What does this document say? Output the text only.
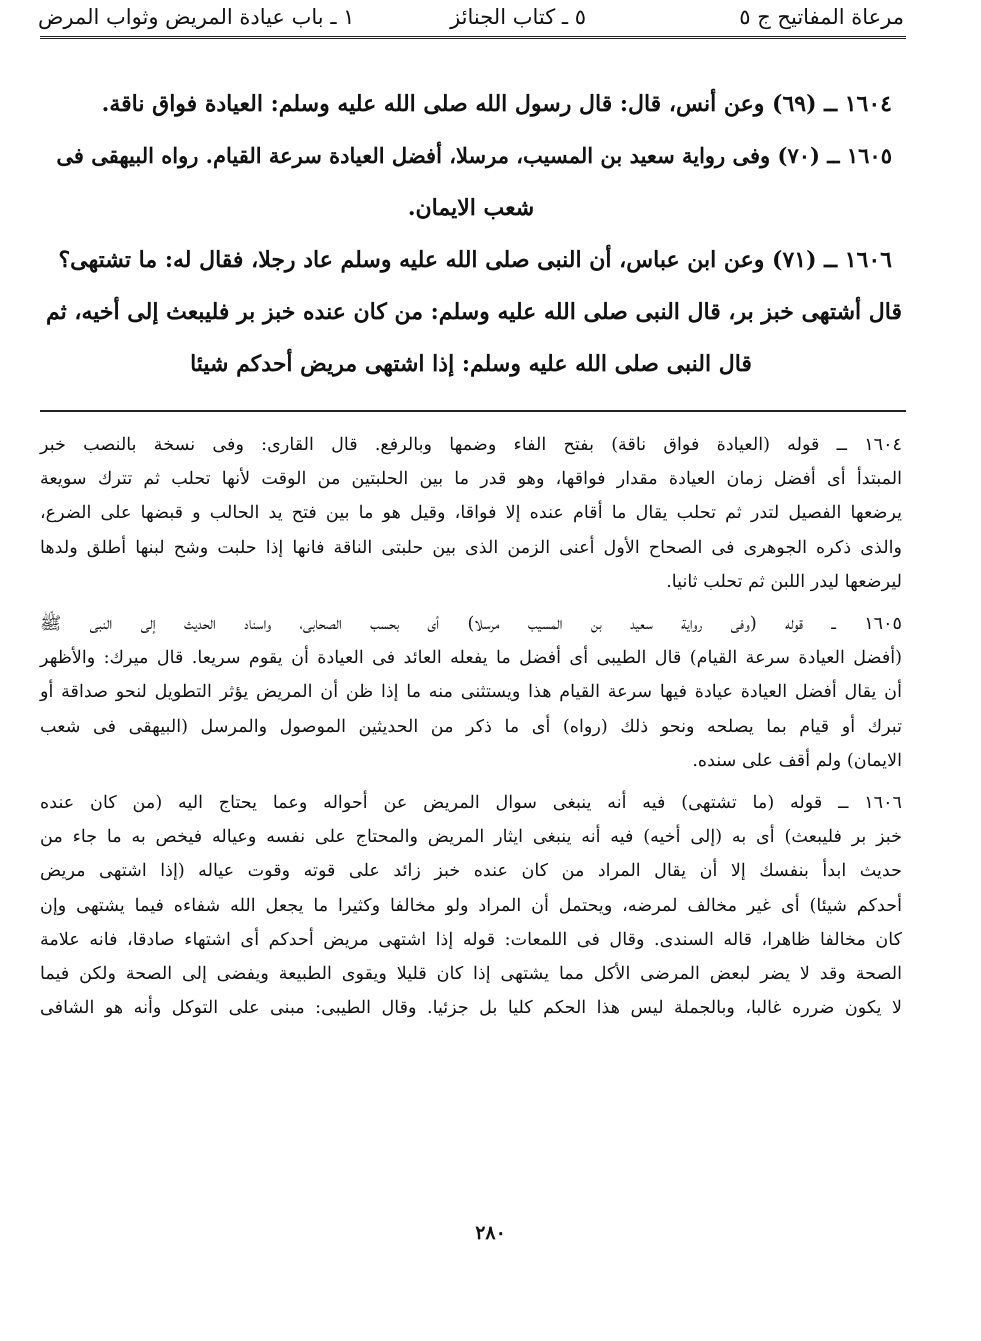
مرعاة المفاتيح ج ٥
٥ ـ كتاب الجنائز
١ ـ باب عيادة المريض وثواب المرض

١٦٠٤ ــ (٦٩) وعن أنس، قال: قال رسول الله صلى الله عليه وسلم: العيادة فواق ناقة.

١٦٠٥ ــ (٧٠) وفى رواية سعيد بن المسيب، مرسلا، أفضل العيادة سرعة القيام. رواه البيهقى فى

شعب الايمان.

١٦٠٦ ــ (٧١) وعن ابن عباس، أن النبى صلى الله عليه وسلم عاد رجلا، فقال له: ما تشتهى؟

قال أشتهى خبز بر، قال النبى صلى الله عليه وسلم: من كان عنده خبز بر فليبعث إلى أخيه، ثم

قال النبى صلى الله عليه وسلم: إذا اشتهى مريض أحدكم شيئا

١٦٠٤ ــ قوله (العيادة فواق ناقة) بفتح الفاء وضمها وبالرفع. قال القارى: وفى نسخة بالنصب خبر

المبتدأ أى أفضل زمان العيادة مقدار فواقها، وهو قدر ما بين الحلبتين من الوقت لأنها تحلب ثم تترك سويعة

يرضعها الفصيل لتدر ثم تحلب يقال ما أقام عنده إلا فواقا، وقيل هو ما بين فتح يد الحالب و قبضها على الضرع،

والذى ذكره الجوهرى فى الصحاح الأول أعنى الزمن الذى بين حلبتى الناقة فانها إذا حلبت وشح لبنها أطلق ولدها

ليرضعها ليدر اللبن ثم تحلب ثانيا.

١٦٠٥ ــ قوله (وفى رواية سعيد بن المسيب مرسلا) أى بحسب الصحابى، واسناد الحديث إلى النبى ﷺ

(أفضل العيادة سرعة القيام) قال الطيبى أى أفضل ما يفعله العائد فى العيادة أن يقوم سريعا. قال ميرك: والأظهر

أن يقال أفضل العيادة عيادة فيها سرعة القيام هذا ويستثنى منه ما إذا ظن أن المريض يؤثر التطويل لنحو صداقة أو

تبرك أو قيام بما يصلحه ونحو ذلك (رواه) أى ما ذكر من الحديثين الموصول والمرسل (البيهقى فى شعب

الايمان) ولم أقف على سنده.

١٦٠٦ ــ قوله (ما تشتهى) فيه أنه ينبغى سوال المريض عن أحواله وعما يحتاج اليه (من كان عنده

خبز بر فليبعث) أى به (إلى أخيه) فيه أنه ينبغى ايثار المريض والمحتاج على نفسه وعياله فيخص به ما جاء من

حديث ابدأ بنفسك إلا أن يقال المراد من كان عنده خبز زائد على قوته وقوت عياله (إذا اشتهى مريض

أحدكم شيئا) أى غير مخالف لمرضه، ويحتمل أن المراد ولو مخالفا وكثيرا ما يجعل الله شفاءه فيما يشتهى وإن

كان مخالفا ظاهرا، قاله السندى. وقال فى اللمعات: قوله إذا اشتهى مريض أحدكم أى اشتهاء صادقا، فانه علامة

الصحة وقد لا يضر لبعض المرضى الأكل مما يشتهى إذا كان قليلا ويقوى الطبيعة ويفضى إلى الصحة ولكن فيما

لا يكون ضرره غالبا، وبالجملة ليس هذا الحكم كليا بل جزئيا. وقال الطيبى: مبنى على التوكل وأنه هو الشافى

٢٨٠
